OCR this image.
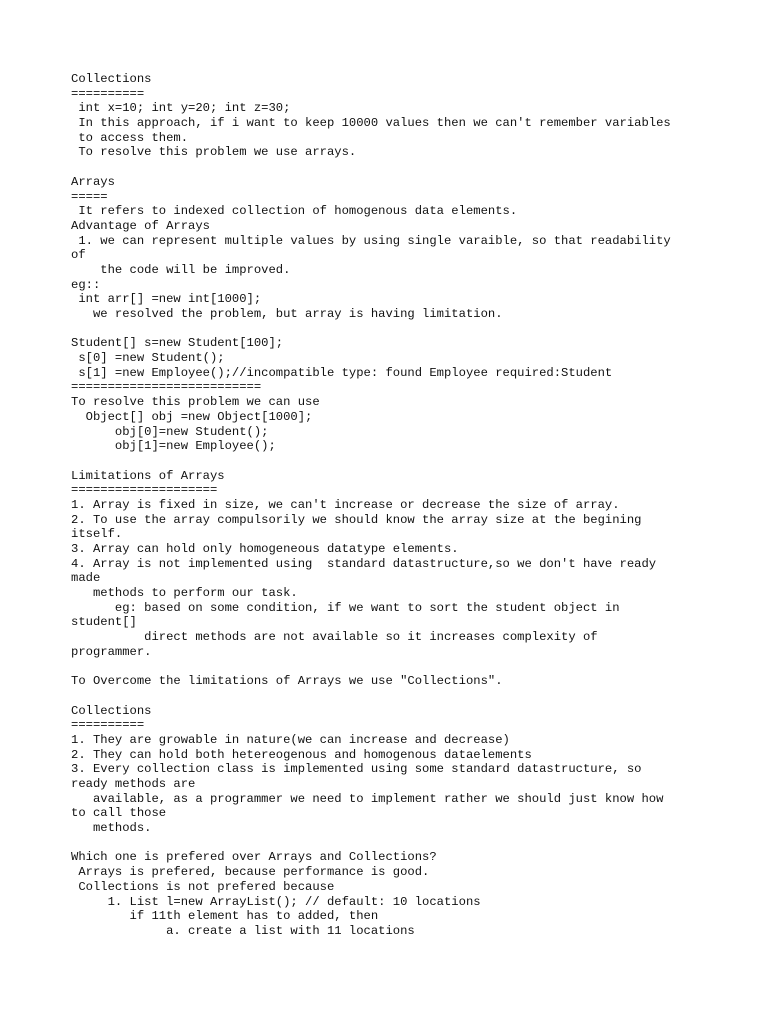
Collections
==========
int x=10; int y=20; int z=30;
In this approach, if i want to keep 10000 values then we can't remember variables
to access them.
To resolve this problem we use arrays.
Arrays
=====
It refers to indexed collection of homogenous data elements.
Advantage of Arrays
1. we can represent multiple values by using single varaible, so that readability
of
the code will be improved.
eg::
int arr[] =new int[1000];
we resolved the problem, but array is having limitation.
Student[] s=new Student[100];
s[0] =new Student();
s[1] =new Employee();//incompatible type: found Employee required:Student
==========================
To resolve this problem we can use
Object[] obj =new Object[1000];
obj[0]=new Student();
obj[1]=new Employee();
Limitations of Arrays
====================
1. Array is fixed in size, we can't increase or decrease the size of array.
2. To use the array compulsorily we should know the array size at the begining
itself.
3. Array can hold only homogeneous datatype elements.
4. Array is not implemented using  standard datastructure,so we don't have ready
made
methods to perform our task.
eg: based on some condition, if we want to sort the student object in
student[]
direct methods are not available so it increases complexity of
programmer.
To Overcome the limitations of Arrays we use "Collections".
Collections
==========
1. They are growable in nature(we can increase and decrease)
2. They can hold both hetereogenous and homogenous dataelements
3. Every collection class is implemented using some standard datastructure, so
ready methods are
available, as a programmer we need to implement rather we should just know how
to call those
methods.
Which one is prefered over Arrays and Collections?
Arrays is prefered, because performance is good.
Collections is not prefered because
1. List l=new ArrayList(); // default: 10 locations
if 11th element has to added, then
a. create a list with 11 locations
